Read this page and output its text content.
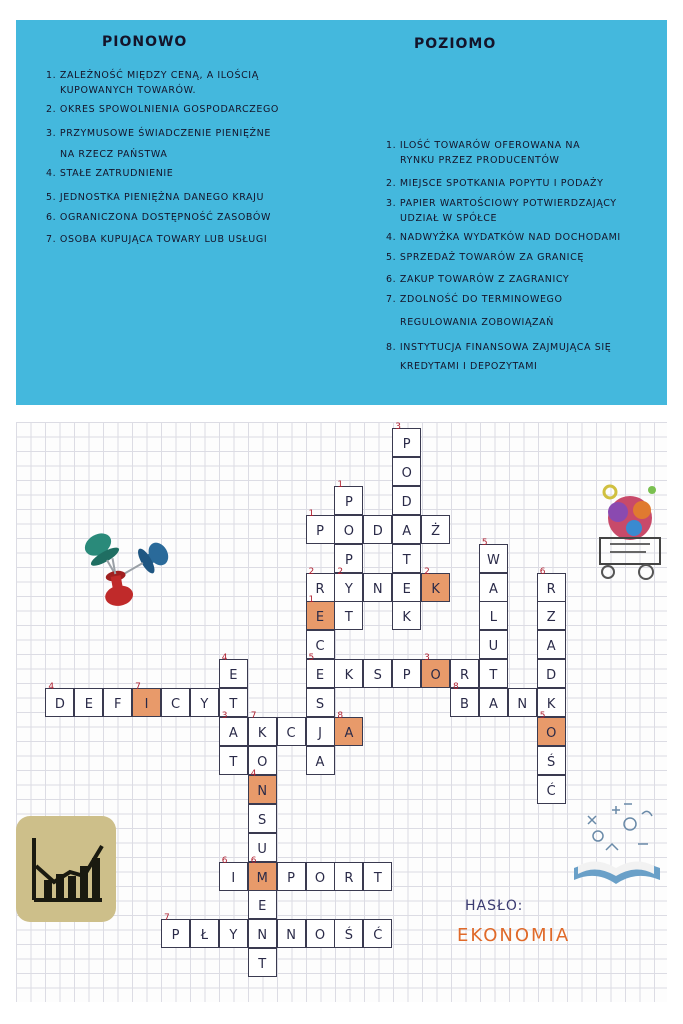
PIONOWO	POZIOMO
1. ZALEŻNOŚĆ MIĘDZY CENĄ, A ILOŚCIĄ
KUPOWANYCH TOWARÓW.
2. OKRES SPOWOLNIENIA GOSPODARCZEGO
3. PRZYMUSOWE ŚWIADCZENIE PIENIĘŻNE
NA RZECZ PAŃSTWA
4. STAŁE ZATRUDNIENIE
5. JEDNOSTKA PIENIĘŻNA DANEGO KRAJU
6. OGRANICZONA DOSTĘPNOŚĆ ZASOBÓW
7. OSOBA KUPUJĄCA TOWARY LUB USŁUGI
1. ILOŚĆ TOWARÓW OFEROWANA NA
RYNKU PRZEZ PRODUCENTÓW
2. MIEJSCE SPOTKANIA POPYTU I PODAŻY
3. PAPIER WARTOŚCIOWY POTWIERDZAJĄCY
UDZIAŁ W SPÓŁCE
4. NADWYŻKA WYDATKÓW NAD DOCHODAMI
5. SPRZEDAŻ TOWARÓW ZA GRANICĘ
6. ZAKUP TOWARÓW Z ZAGRANICY
7. ZDOLNOŚĆ DO TERMINOWEGO
REGULOWANIA ZOBOWIĄZAŃ
8. INSTYTUCJA FINANSOWA ZAJMUJĄCA SIĘ
KREDYTAMI I DEPOZYTAMI
3
P
O
D
1
P
1
P	O	D	A	Ż
P	T
5
W
2
R
2
Y	N	E
2
K	A
6
R
1
E	T	K	L	Z
C	U	A
4
E
5
E	K	S	P
3
O	R	T	D
4
D	E	F
7
I	C	Y	T	S
8
B	A	N	K
3
A
7
K	C	J
8
A
5
O
T	O	A	Ś
4
N	Ć
S
U
6
I
6
M	P	O	R	T
E
7
P	Ł	Y	N	N	O	Ś	Ć
T
HASŁO:
EKONOMIA
